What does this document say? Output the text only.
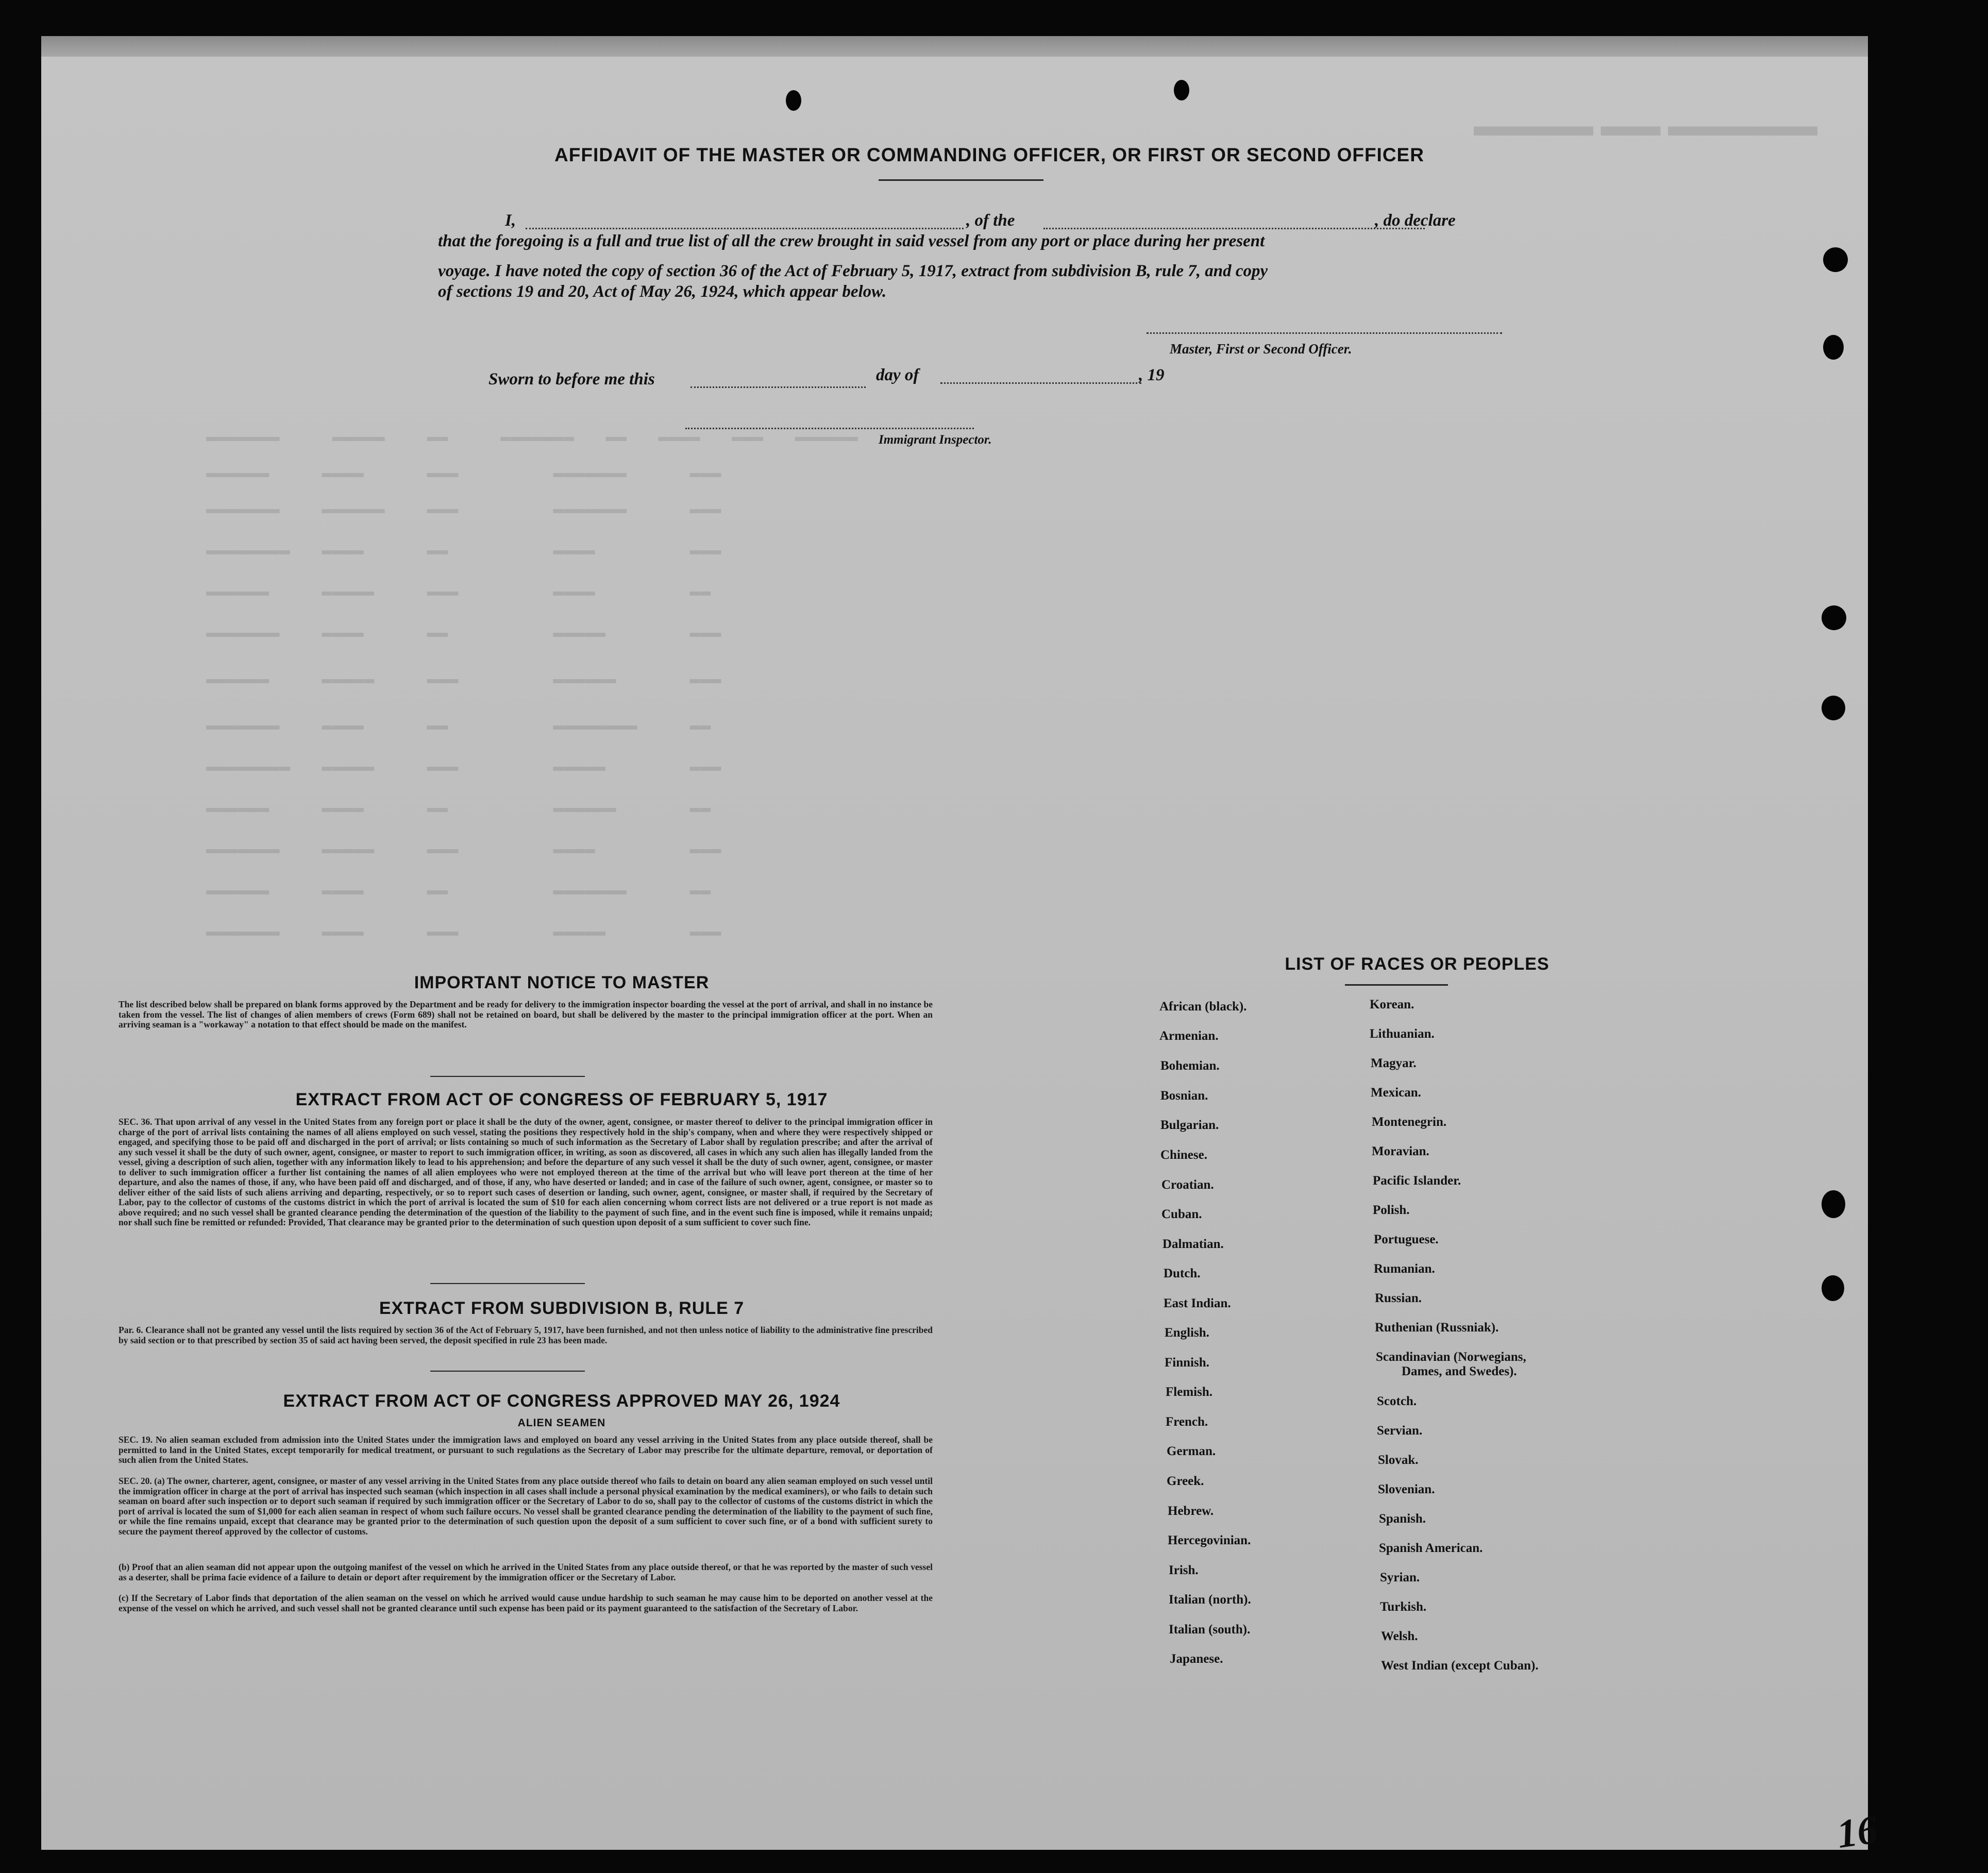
▬▬▬▬ ▬▬ ▬▬▬▬▬
▬▬▬▬▬▬▬     ▬▬▬▬▬    ▬▬     ▬▬▬▬▬▬▬   ▬▬   ▬▬▬▬   ▬▬▬   ▬▬▬▬▬▬
▬▬▬▬▬▬     ▬▬▬▬      ▬▬▬         ▬▬▬▬▬▬▬      ▬▬▬
▬▬▬▬▬▬▬    ▬▬▬▬▬▬    ▬▬▬         ▬▬▬▬▬▬▬      ▬▬▬
▬▬▬▬▬▬▬▬   ▬▬▬▬      ▬▬          ▬▬▬▬         ▬▬▬
▬▬▬▬▬▬     ▬▬▬▬▬     ▬▬▬         ▬▬▬▬         ▬▬
▬▬▬▬▬▬▬    ▬▬▬▬      ▬▬          ▬▬▬▬▬        ▬▬▬
▬▬▬▬▬▬     ▬▬▬▬▬     ▬▬▬         ▬▬▬▬▬▬       ▬▬▬
▬▬▬▬▬▬▬    ▬▬▬▬      ▬▬          ▬▬▬▬▬▬▬▬     ▬▬
▬▬▬▬▬▬▬▬   ▬▬▬▬▬     ▬▬▬         ▬▬▬▬▬        ▬▬▬
▬▬▬▬▬▬     ▬▬▬▬      ▬▬          ▬▬▬▬▬▬       ▬▬
▬▬▬▬▬▬▬    ▬▬▬▬▬     ▬▬▬         ▬▬▬▬         ▬▬▬
▬▬▬▬▬▬     ▬▬▬▬      ▬▬          ▬▬▬▬▬▬▬      ▬▬
▬▬▬▬▬▬▬    ▬▬▬▬      ▬▬▬         ▬▬▬▬▬        ▬▬▬
AFFIDAVIT OF THE MASTER OR COMMANDING OFFICER, OR FIRST OR SECOND OFFICER
I,	, of the	, do declare
that the foregoing is a full and true list of all the crew brought in said vessel from any port or place during her present
voyage. I have noted the copy of section 36 of the Act of February 5, 1917, extract from subdivision B, rule 7, and copy
of sections 19 and 20, Act of May 26, 1924, which appear below.
Master, First or Second Officer.
Sworn to before me this	day of	, 19
Immigrant Inspector.
IMPORTANT NOTICE TO MASTER
The list described below shall be prepared on blank forms approved by the Department and be ready for delivery to the immigration inspector boarding the vessel at the port of arrival, and shall in no instance be taken from the vessel. The list of changes of alien members of crews (Form 689) shall not be retained on board, but shall be delivered by the master to the principal immigration officer at the port. When an arriving seaman is a "workaway" a notation to that effect should be made on the manifest.
EXTRACT FROM ACT OF CONGRESS OF FEBRUARY 5, 1917
SEC. 36. That upon arrival of any vessel in the United States from any foreign port or place it shall be the duty of the owner, agent, consignee, or master thereof to deliver to the principal immigration officer in charge of the port of arrival lists containing the names of all aliens employed on such vessel, stating the positions they respectively hold in the ship's company, when and where they were respectively shipped or engaged, and specifying those to be paid off and discharged in the port of arrival; or lists containing so much of such information as the Secretary of Labor shall by regulation prescribe; and after the arrival of any such vessel it shall be the duty of such owner, agent, consignee, or master to report to such immigration officer, in writing, as soon as discovered, all cases in which any such alien has illegally landed from the vessel, giving a description of such alien, together with any information likely to lead to his apprehension; and before the departure of any such vessel it shall be the duty of such owner, agent, consignee, or master to deliver to such immigration officer a further list containing the names of all alien employees who were not employed thereon at the time of the arrival but who will leave port thereon at the time of her departure, and also the names of those, if any, who have been paid off and discharged, and of those, if any, who have deserted or landed; and in case of the failure of such owner, agent, consignee, or master so to deliver either of the said lists of such aliens arriving and departing, respectively, or so to report such cases of desertion or landing, such owner, agent, consignee, or master shall, if required by the Secretary of Labor, pay to the collector of customs of the customs district in which the port of arrival is located the sum of $10 for each alien concerning whom correct lists are not delivered or a true report is not made as above required; and no such vessel shall be granted clearance pending the determination of the question of the liability to the payment of such fine, and in the event such fine is imposed, while it remains unpaid; nor shall such fine be remitted or refunded: Provided, That clearance may be granted prior to the determination of such question upon deposit of a sum sufficient to cover such fine.
EXTRACT FROM SUBDIVISION B, RULE 7
Par. 6. Clearance shall not be granted any vessel until the lists required by section 36 of the Act of February 5, 1917, have been furnished, and not then unless notice of liability to the administrative fine prescribed by said section or to that prescribed by section 35 of said act having been served, the deposit specified in rule 23 has been made.
EXTRACT FROM ACT OF CONGRESS APPROVED MAY 26, 1924
ALIEN SEAMEN
SEC. 19. No alien seaman excluded from admission into the United States under the immigration laws and employed on board any vessel arriving in the United States from any place outside thereof, shall be permitted to land in the United States, except temporarily for medical treatment, or pursuant to such regulations as the Secretary of Labor may prescribe for the ultimate departure, removal, or deportation of such alien from the United States.
SEC. 20. (a) The owner, charterer, agent, consignee, or master of any vessel arriving in the United States from any place outside thereof who fails to detain on board any alien seaman employed on such vessel until the immigration officer in charge at the port of arrival has inspected such seaman (which inspection in all cases shall include a personal physical examination by the medical examiners), or who fails to detain such seaman on board after such inspection or to deport such seaman if required by such immigration officer or the Secretary of Labor to do so, shall pay to the collector of customs of the customs district in which the port of arrival is located the sum of $1,000 for each alien seaman in respect of whom such failure occurs. No vessel shall be granted clearance pending the determination of the liability to the payment of such fine, or while the fine remains unpaid, except that clearance may be granted prior to the determination of such question upon the deposit of a sum sufficient to cover such fine, or of a bond with sufficient surety to secure the payment thereof approved by the collector of customs.
(b) Proof that an alien seaman did not appear upon the outgoing manifest of the vessel on which he arrived in the United States from any place outside thereof, or that he was reported by the master of such vessel as a deserter, shall be prima facie evidence of a failure to detain or deport after requirement by the immigration officer or the Secretary of Labor.
(c) If the Secretary of Labor finds that deportation of the alien seaman on the vessel on which he arrived would cause undue hardship to such seaman he may cause him to be deported on another vessel at the expense of the vessel on which he arrived, and such vessel shall not be granted clearance until such expense has been paid or its payment guaranteed to the satisfaction of the Secretary of Labor.
LIST OF RACES OR PEOPLES
African (black).
Armenian.
Bohemian.
Bosnian.
Bulgarian.
Chinese.
Croatian.
Cuban.
Dalmatian.
Dutch.
East Indian.
English.
Finnish.
Flemish.
French.
German.
Greek.
Hebrew.
Hercegovinian.
Irish.
Italian (north).
Italian (south).
Japanese.
Korean.
Lithuanian.
Magyar.
Mexican.
Montenegrin.
Moravian.
Pacific Islander.
Polish.
Portuguese.
Rumanian.
Russian.
Ruthenian (Russniak).
Scandinavian (Norwegians,
Dames, and Swedes).
Scotch.
Servian.
Slovak.
Slovenian.
Spanish.
Spanish American.
Syrian.
Turkish.
Welsh.
West Indian (except Cuban).
16
